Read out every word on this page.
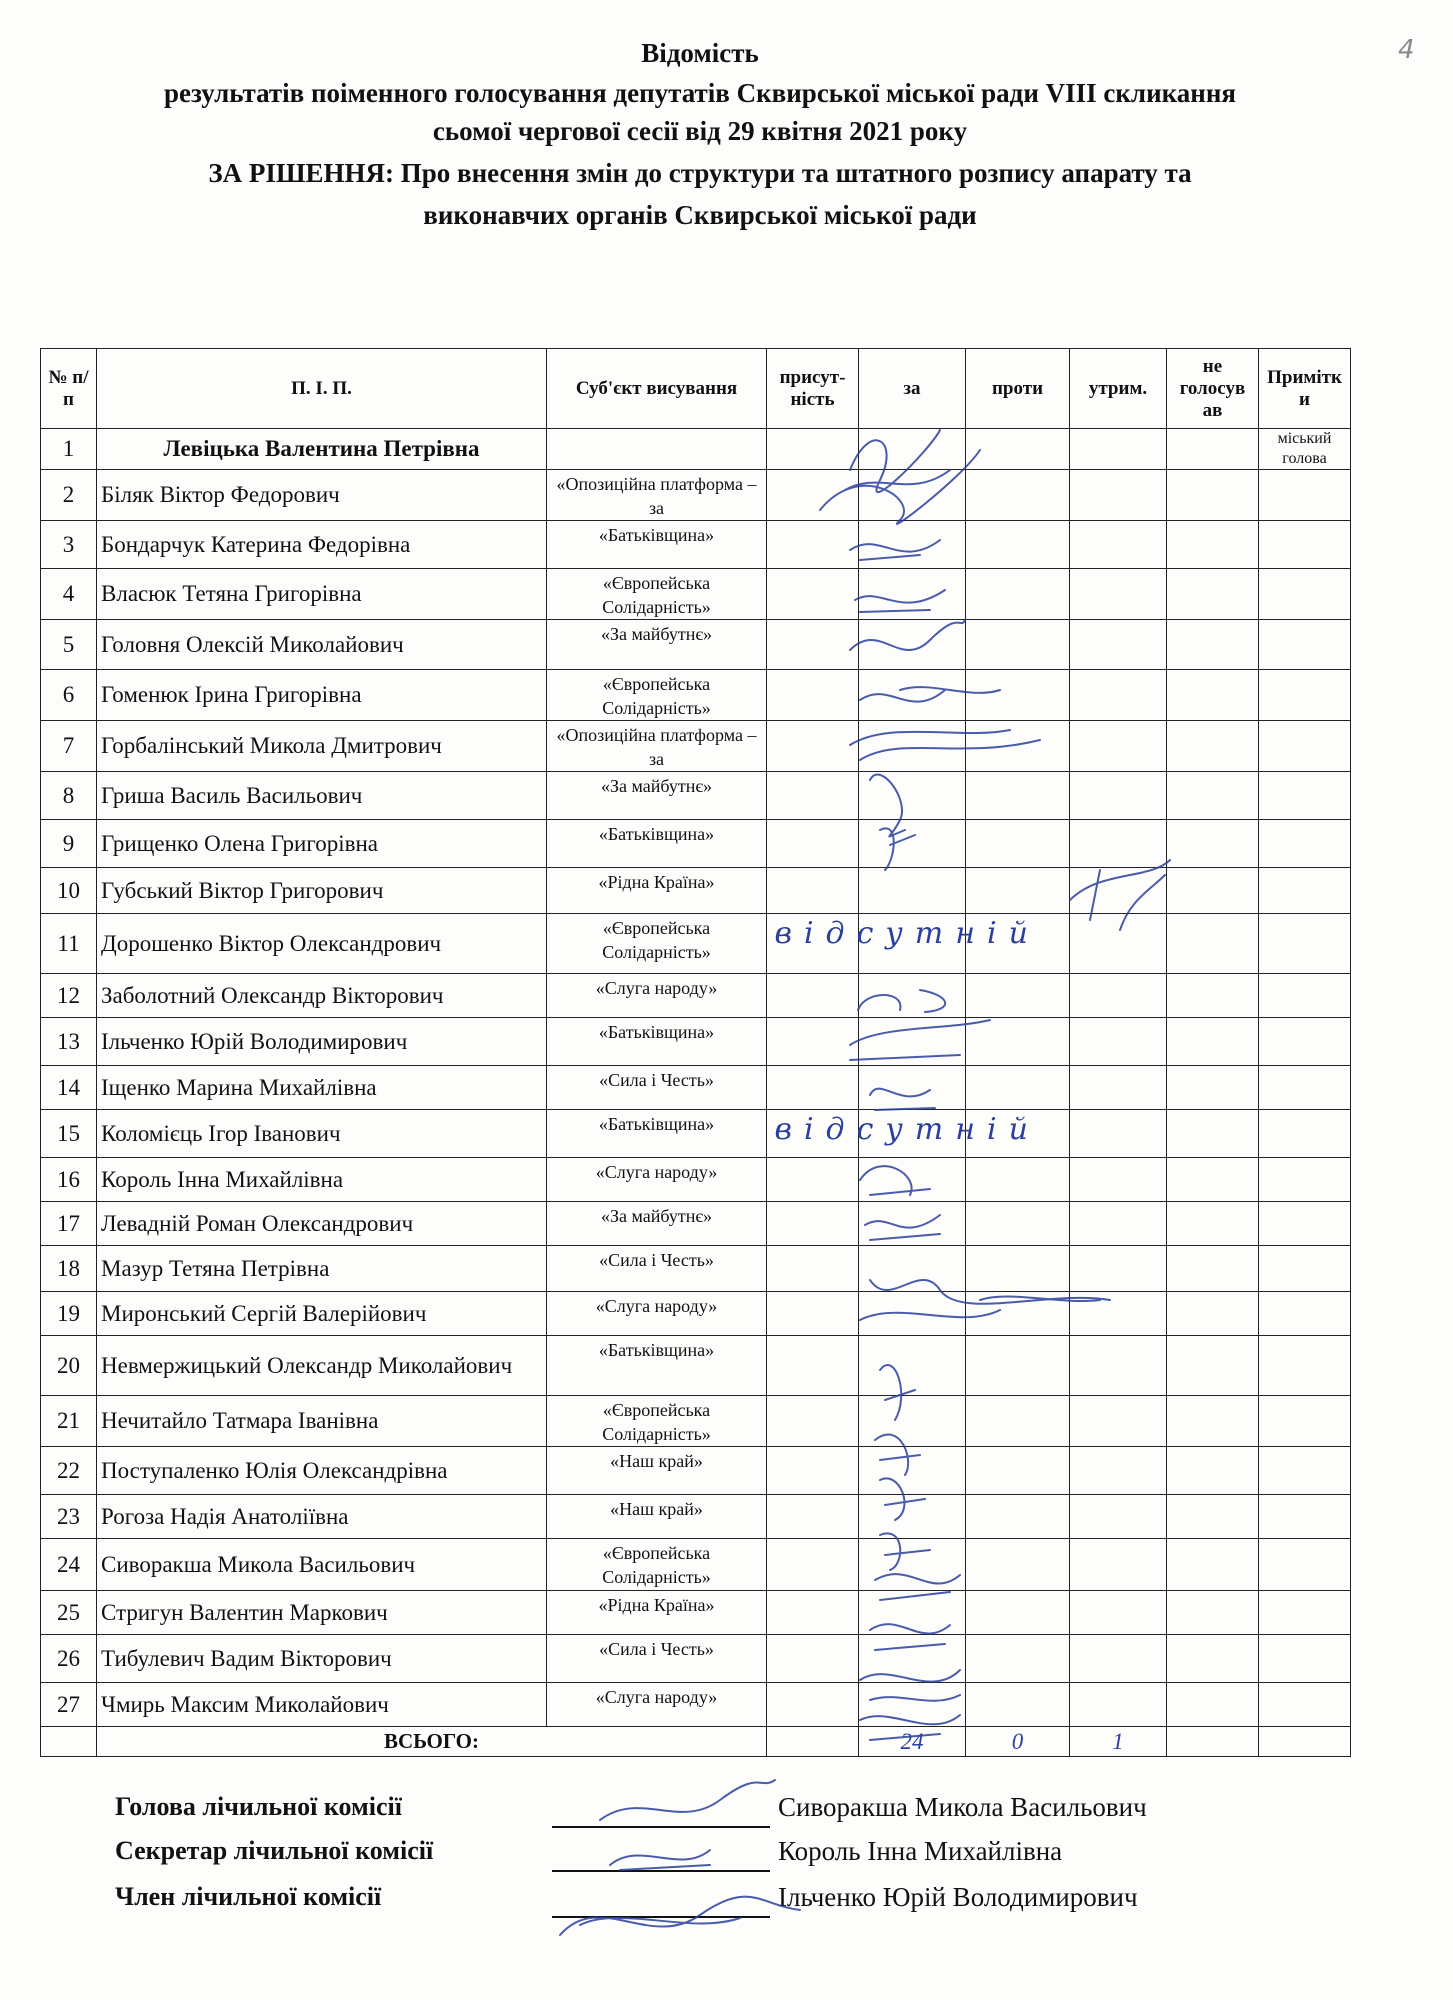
Відомість
результатів поіменного голосування депутатів Сквирської міської ради VIII скликання
сьомої чергової сесії від 29 квітня 2021 року
ЗА РІШЕННЯ: Про внесення змін до структури та штатного розпису апарату та
виконавчих органів Сквирської міської ради
№ п/п	П. І. П.	Суб'єкт висування	присут-ність	за	проти	утрим.	не голосув ав	Примітк и
1	Левіцька Валентина Петрівна							міський голова
2	Біляк Віктор Федорович	«Опозиційна платформа – за						
3	Бондарчук Катерина Федорівна	«Батьківщина»						
4	Власюк Тетяна Григорівна	«Європейська Солідарність»						
5	Головня Олексій Миколайович	«За майбутнє»						
6	Гоменюк Ірина Григорівна	«Європейська Солідарність»						
7	Горбалінський Микола Дмитрович	«Опозиційна платформа – за						
8	Гриша Василь Васильович	«За майбутнє»						
9	Грищенко Олена Григорівна	«Батьківщина»						
10	Губський Віктор Григорович	«Рідна Країна»						
11	Дорошенко Віктор Олександрович	«Європейська Солідарність»						
12	Заболотний Олександр Вікторович	«Слуга народу»						
13	Ільченко Юрій Володимирович	«Батьківщина»						
14	Іщенко Марина Михайлівна	«Сила і Честь»						
15	Коломієць Ігор Іванович	«Батьківщина»						
16	Король Інна Михайлівна	«Слуга народу»						
17	Левадній Роман Олександрович	«За майбутнє»						
18	Мазур Тетяна Петрівна	«Сила і Честь»						
19	Миронський Сергій Валерійович	«Слуга народу»						
20	Невмержицький Олександр Миколайович	«Батьківщина»						
21	Нечитайло Татмара Іванівна	«Європейська Солідарність»						
22	Поступаленко Юлія Олександрівна	«Наш край»						
23	Рогоза Надія Анатоліївна	«Наш край»						
24	Сиворакша Микола Васильович	«Європейська Солідарність»						
25	Стригун Валентин Маркович	«Рідна Країна»						
26	Тибулевич Вадим Вікторович	«Сила і Честь»						
27	Чмирь Максим Миколайович	«Слуга народу»						
	ВСЬОГО:			24	0	1		
Голова лічильної комісії	Сиворакша Микола Васильович
Секретар лічильної комісії	Король Інна Михайлівна
Член лічильної комісії	Ільченко Юрій Володимирович
4
відсутній
відсутній
